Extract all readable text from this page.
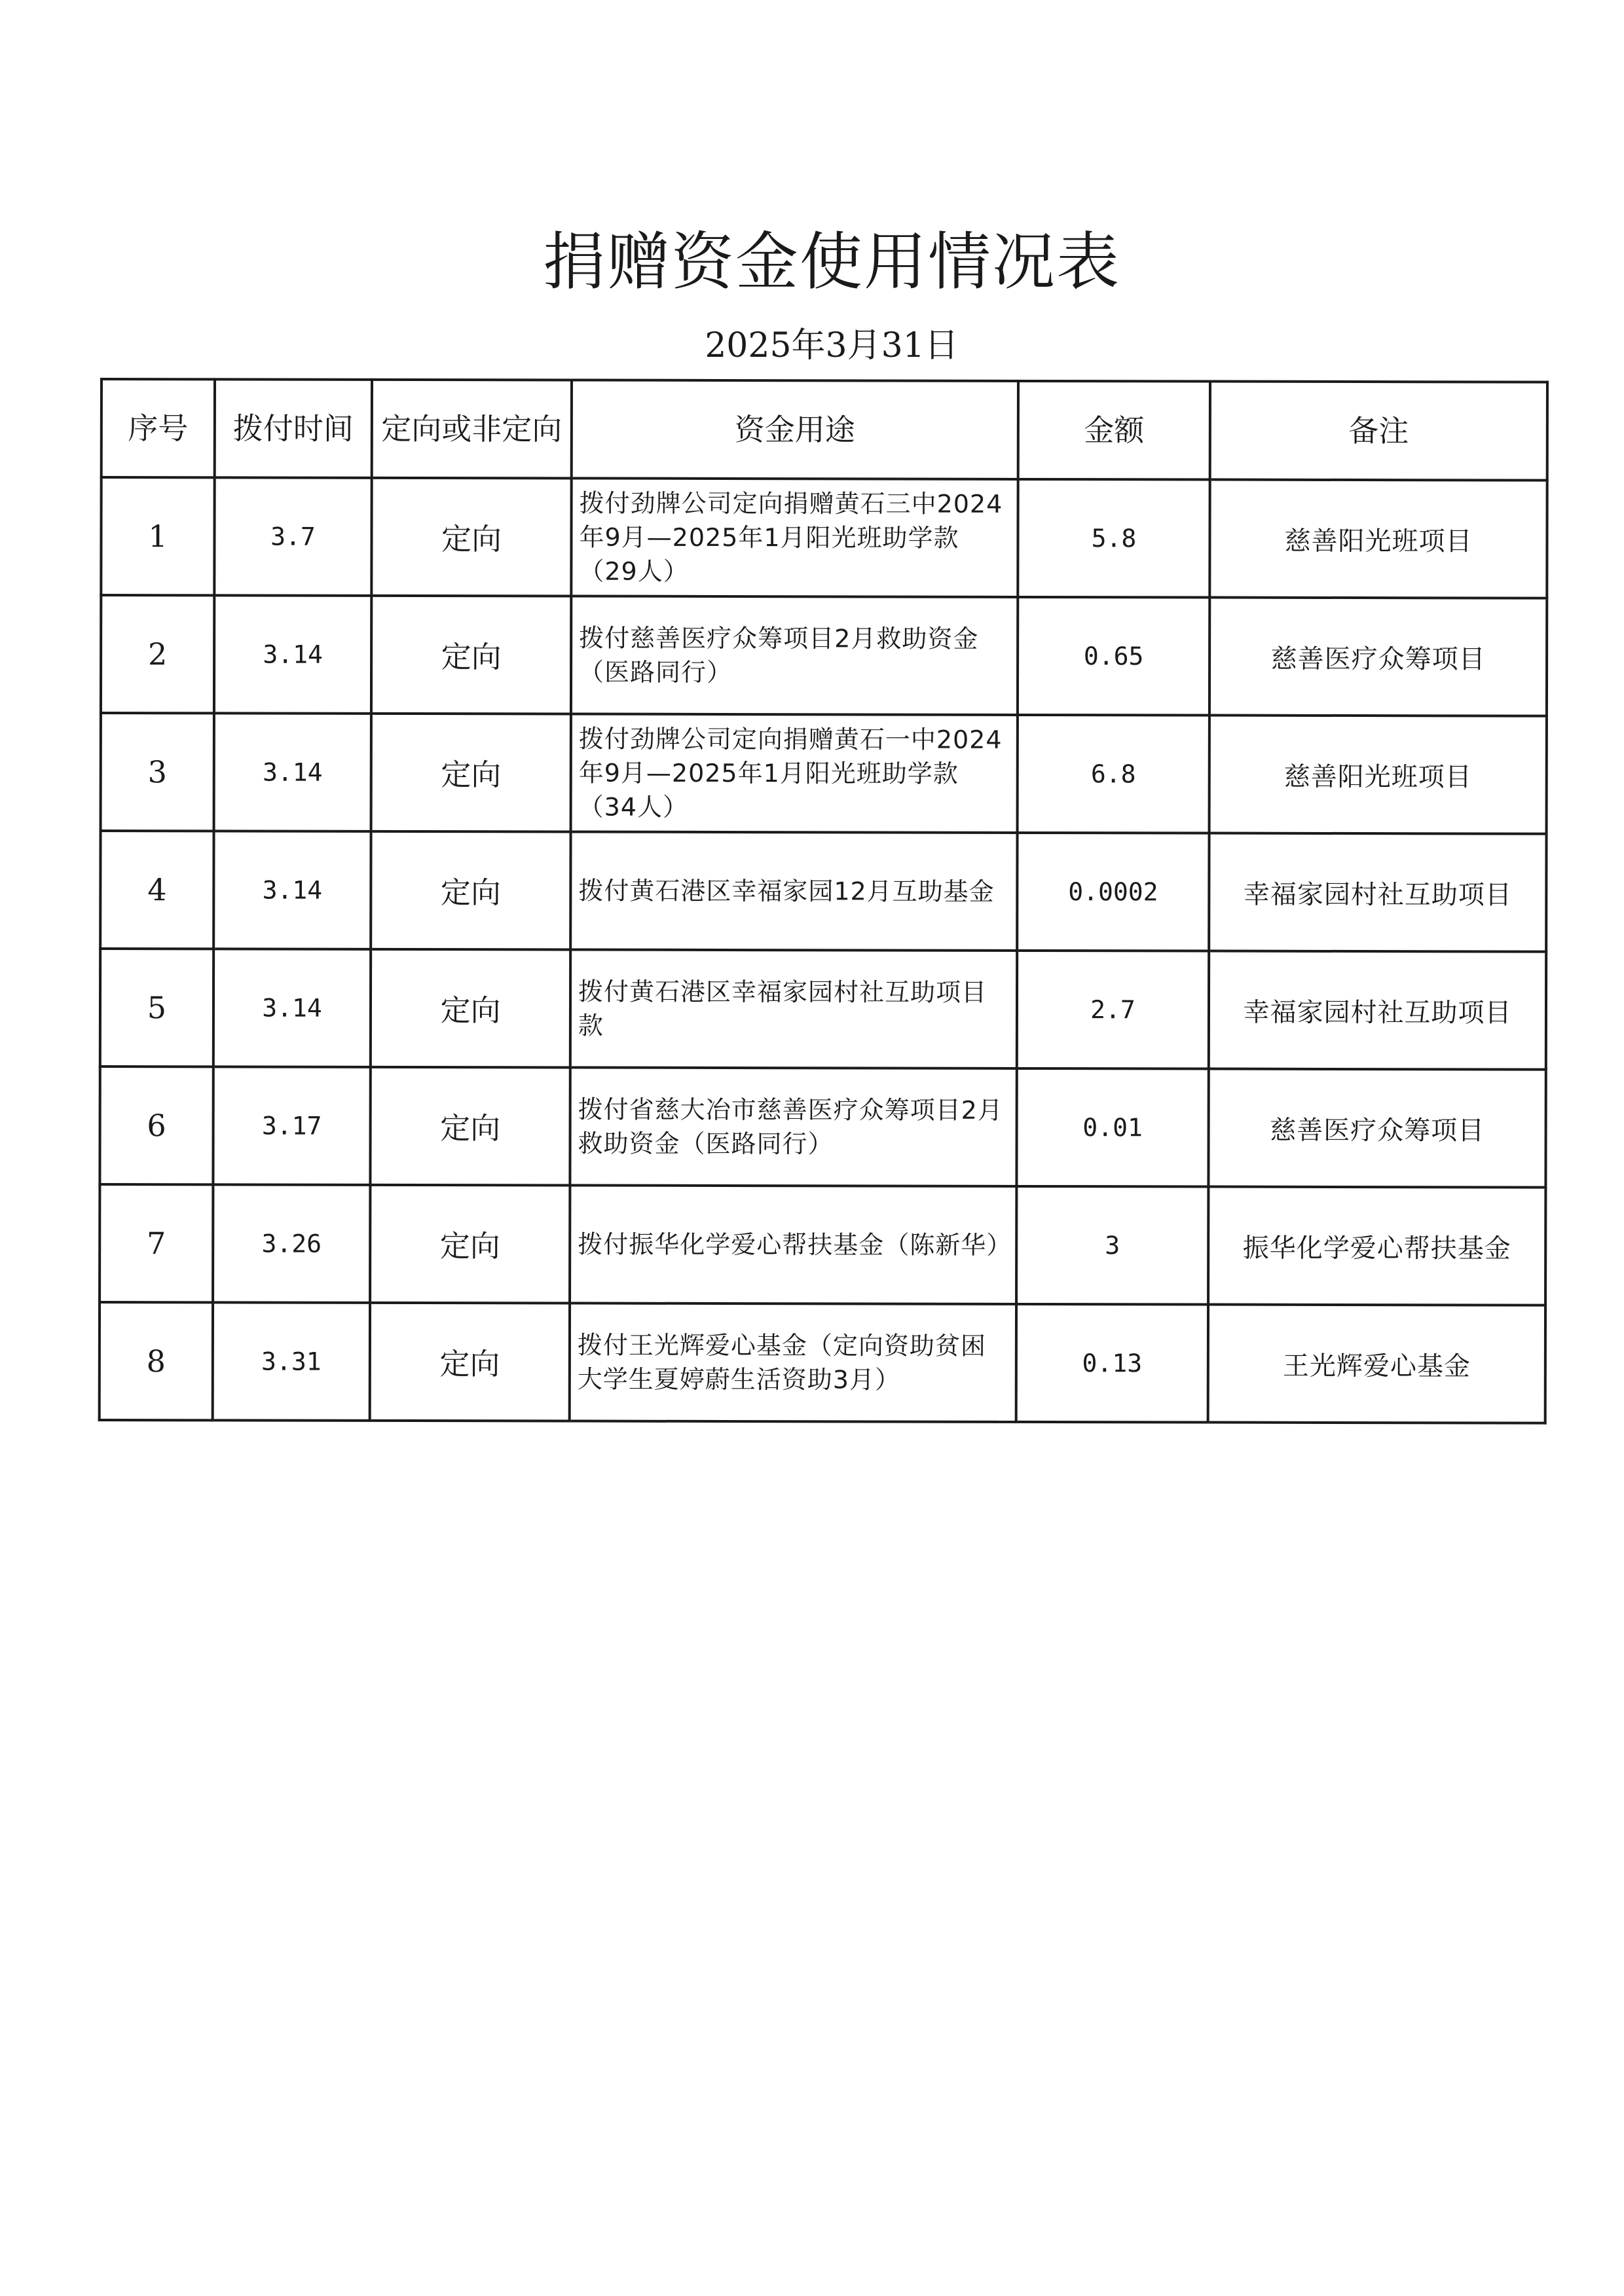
捐赠资金使用情况表
2025年3月31日
序号	拨付时间	定向或非定向	资金用途	金额	备注
1	3.7	定向	拨付劲牌公司定向捐赠黄石三中2024年9月—2025年1月阳光班助学款（29人）	5.8	慈善阳光班项目
2	3.14	定向	拨付慈善医疗众筹项目2月救助资金（医路同行）	0.65	慈善医疗众筹项目
3	3.14	定向	拨付劲牌公司定向捐赠黄石一中2024年9月—2025年1月阳光班助学款（34人）	6.8	慈善阳光班项目
4	3.14	定向	拨付黄石港区幸福家园12月互助基金	0.0002	幸福家园村社互助项目
5	3.14	定向	拨付黄石港区幸福家园村社互助项目款	2.7	幸福家园村社互助项目
6	3.17	定向	拨付省慈大冶市慈善医疗众筹项目2月救助资金（医路同行）	0.01	慈善医疗众筹项目
7	3.26	定向	拨付振华化学爱心帮扶基金（陈新华）	3	振华化学爱心帮扶基金
8	3.31	定向	拨付王光辉爱心基金（定向资助贫困大学生夏婷蔚生活资助3月）	0.13	王光辉爱心基金
